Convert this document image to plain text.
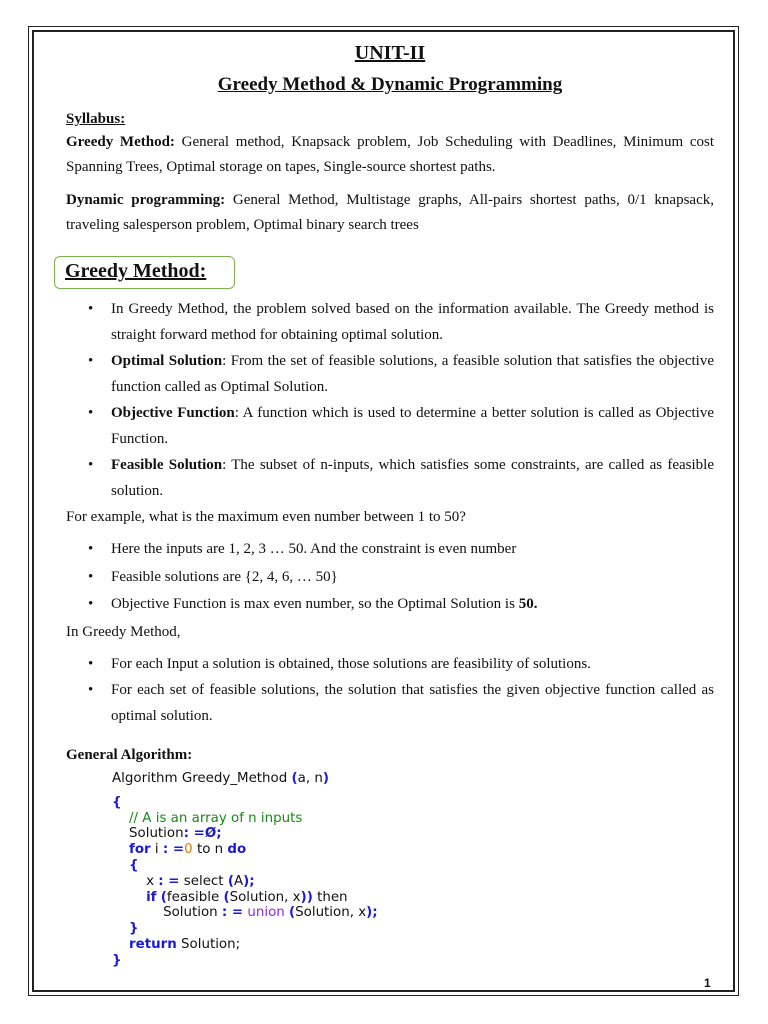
UNIT-II
Greedy Method & Dynamic Programming
Syllabus:

Greedy Method: General method, Knapsack problem, Job Scheduling with Deadlines, Minimum cost Spanning Trees, Optimal storage on tapes, Single-source shortest paths.

Dynamic programming: General Method, Multistage graphs, All-pairs shortest paths, 0/1 knapsack, traveling salesperson problem, Optimal binary search trees

Greedy Method:
• In Greedy Method, the problem solved based on the information available. The Greedy method is straight forward method for obtaining optimal solution.
• Optimal Solution: From the set of feasible solutions, a feasible solution that satisfies the objective function called as Optimal Solution.
• Objective Function: A function which is used to determine a better solution is called as Objective Function.
• Feasible Solution: The subset of n-inputs, which satisfies some constraints, are called as feasible solution.
For example, what is the maximum even number between 1 to 50?
• Here the inputs are 1, 2, 3 … 50. And the constraint is even number
• Feasible solutions are {2, 4, 6, … 50}
• Objective Function is max even number, so the Optimal Solution is 50.
In Greedy Method,
• For each Input a solution is obtained, those solutions are feasibility of solutions.
• For each set of feasible solutions, the solution that satisfies the given objective function called as optimal solution.
General Algorithm:
Algorithm Greedy_Method (a, n)
{
// A is an array of n inputs
Solution: =Ø;
for i : =0 to n do
{
x : = select (A);
if (feasible (Solution, x)) then
Solution : = union (Solution, x);
}
return Solution;
}
1
